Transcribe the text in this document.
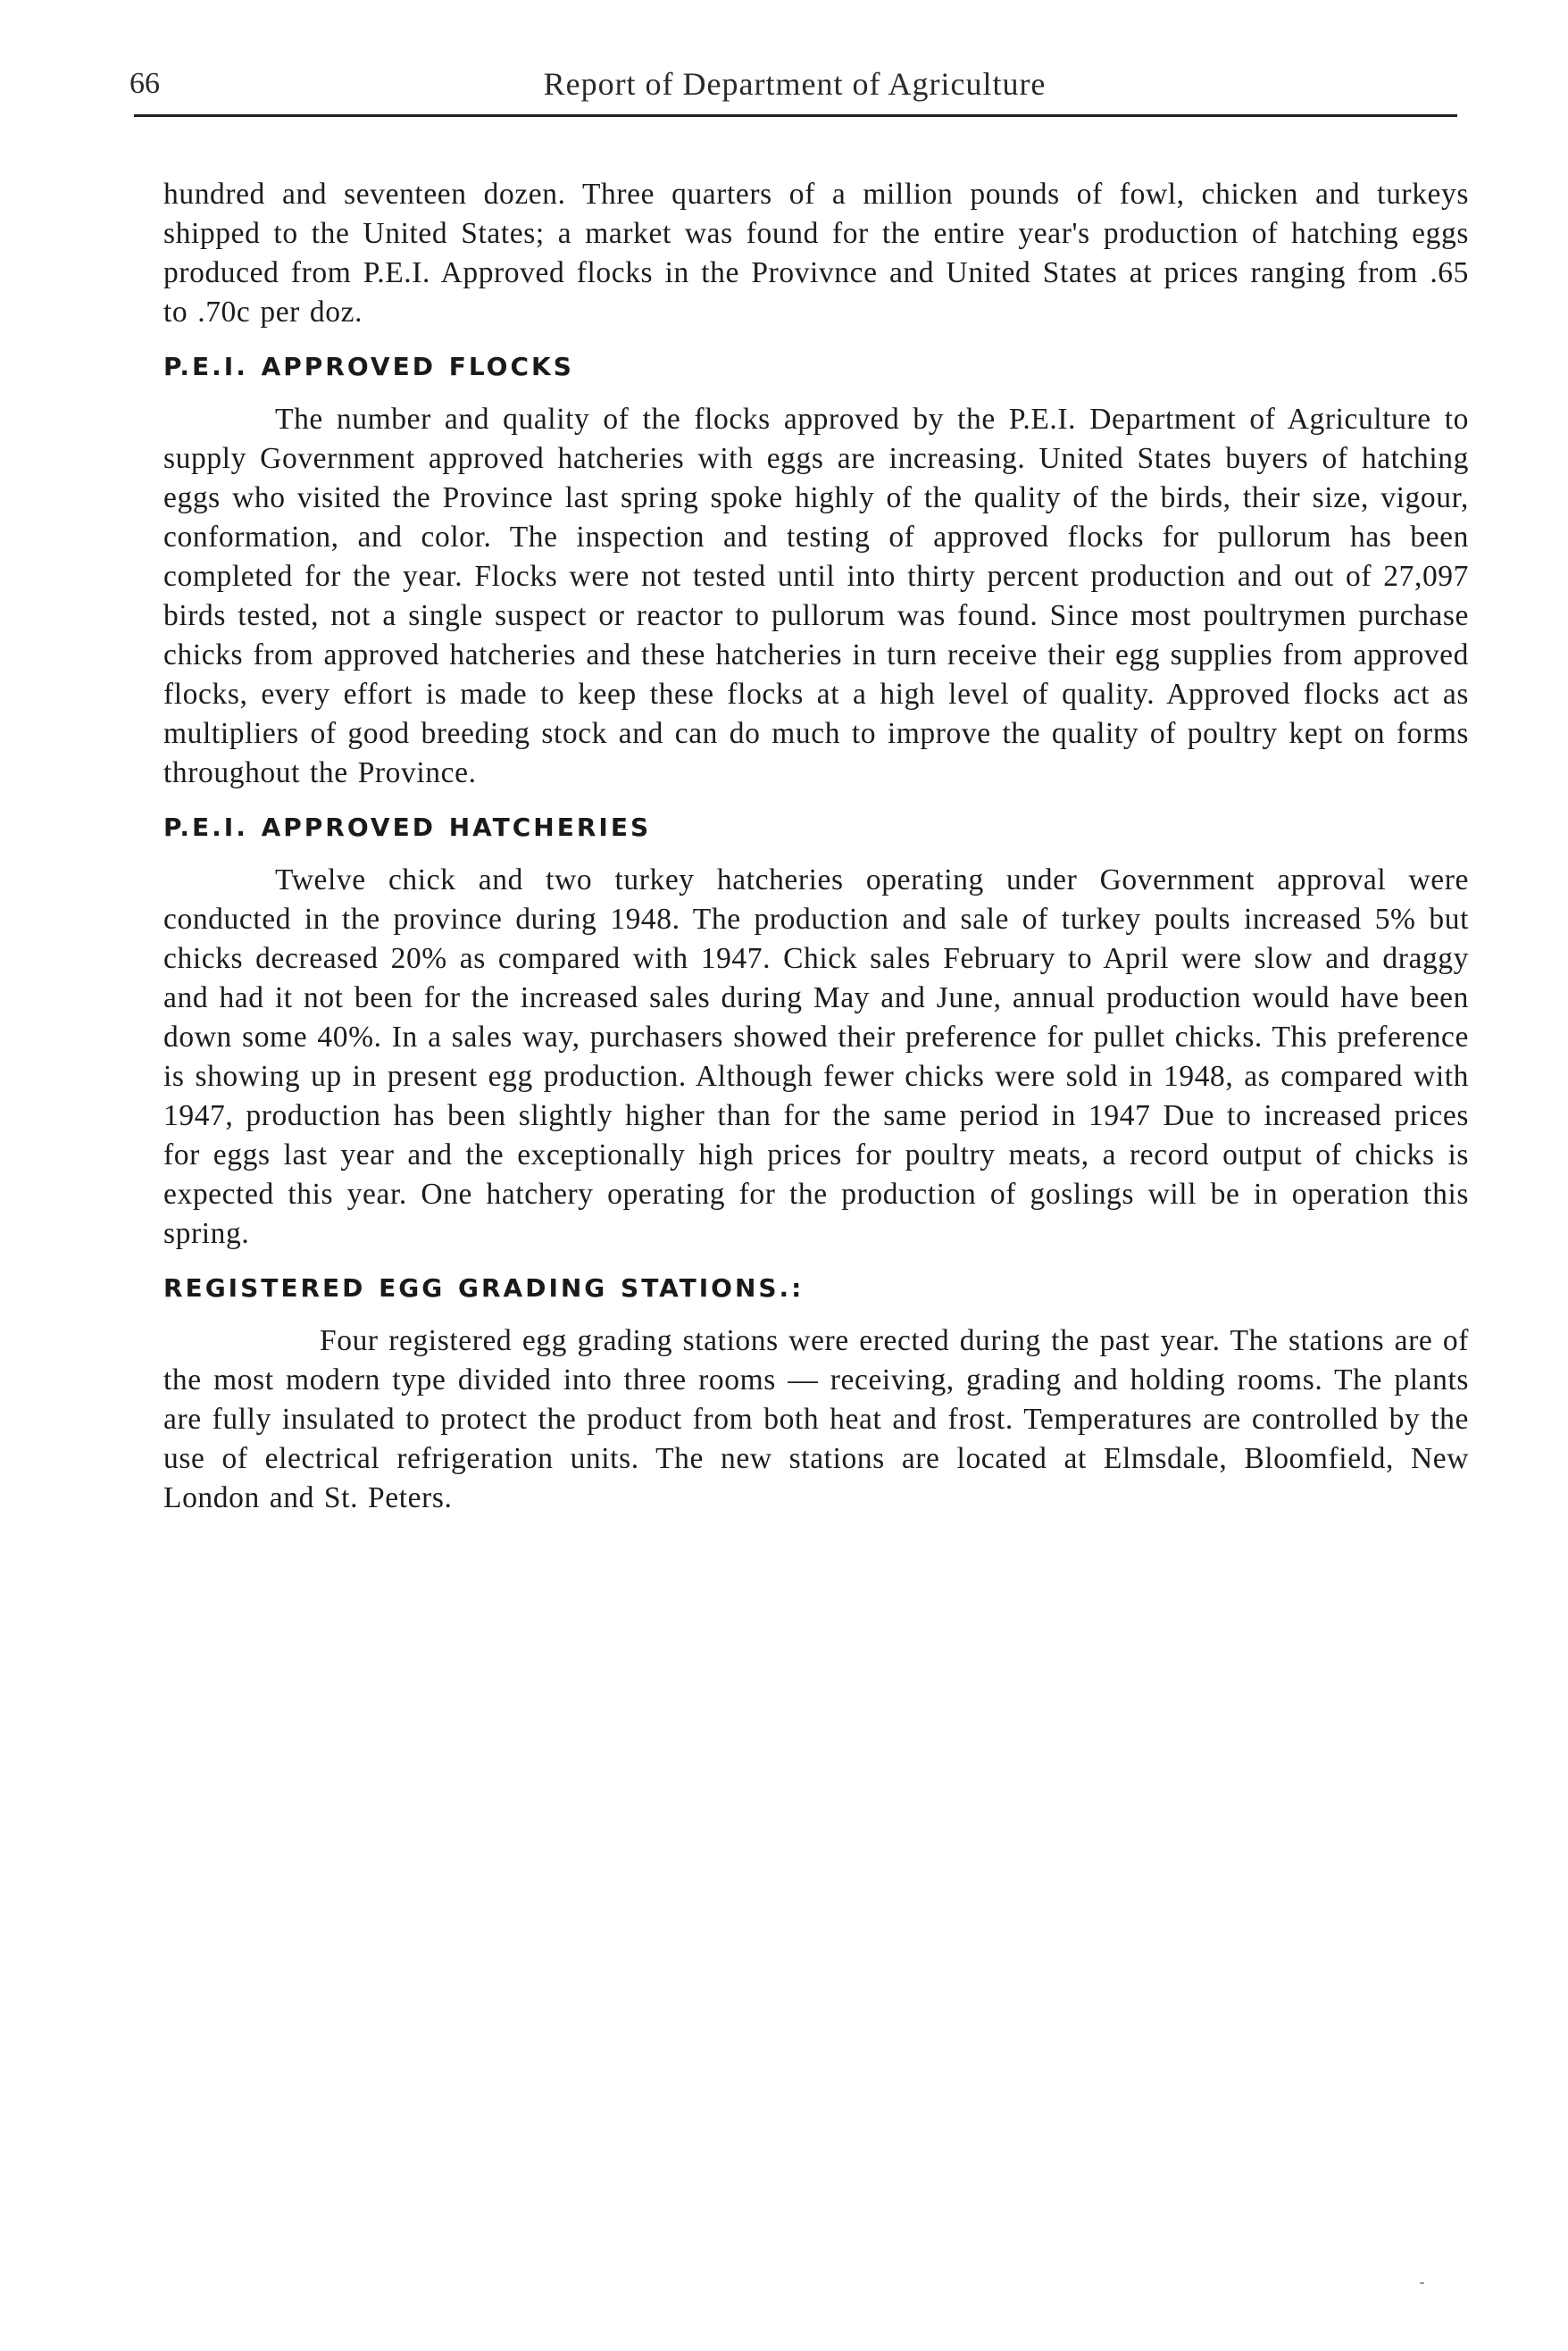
66	Report of Department of Agriculture

hundred and seventeen dozen. Three quarters of a million pounds of fowl, chicken and turkeys shipped to the United States; a market was found for the entire year's production of hatching eggs produced from P.E.I. Approved flocks in the Provivnce and United States at prices ranging from .65 to .70c per doz.

P.E.I. APPROVED FLOCKS

The number and quality of the flocks approved by the P.E.I. Department of Agriculture to supply Government approved hatcheries with eggs are increasing. United States buyers of hatching eggs who visited the Province last spring spoke highly of the quality of the birds, their size, vigour, conformation, and color. The inspection and testing of approved flocks for pullorum has been completed for the year. Flocks were not tested until into thirty percent production and out of 27,097 birds tested, not a single suspect or reactor to pullorum was found. Since most poultrymen purchase chicks from approved hatcheries and these hatcheries in turn receive their egg supplies from approved flocks, every effort is made to keep these flocks at a high level of quality. Approved flocks act as multipliers of good breeding stock and can do much to improve the quality of poultry kept on forms throughout the Province.

P.E.I. APPROVED HATCHERIES

Twelve chick and two turkey hatcheries operating under Government approval were conducted in the province during 1948. The production and sale of turkey poults increased 5% but chicks decreased 20% as compared with 1947. Chick sales February to April were slow and draggy and had it not been for the increased sales during May and June, annual production would have been down some 40%. In a sales way, purchasers showed their preference for pullet chicks. This preference is showing up in present egg production. Although fewer chicks were sold in 1948, as compared with 1947, production has been slightly higher than for the same period in 1947 Due to increased prices for eggs last year and the exceptionally high prices for poultry meats, a record output of chicks is expected this year. One hatchery operating for the production of goslings will be in operation this spring.

REGISTERED EGG GRADING STATIONS.:

Four registered egg grading stations were erected during the past year. The stations are of the most modern type divided into three rooms — receiving, grading and holding rooms. The plants are fully insulated to protect the product from both heat and frost. Temperatures are controlled by the use of electrical refrigeration units. The new stations are located at Elmsdale, Bloomfield, New London and St. Peters.
